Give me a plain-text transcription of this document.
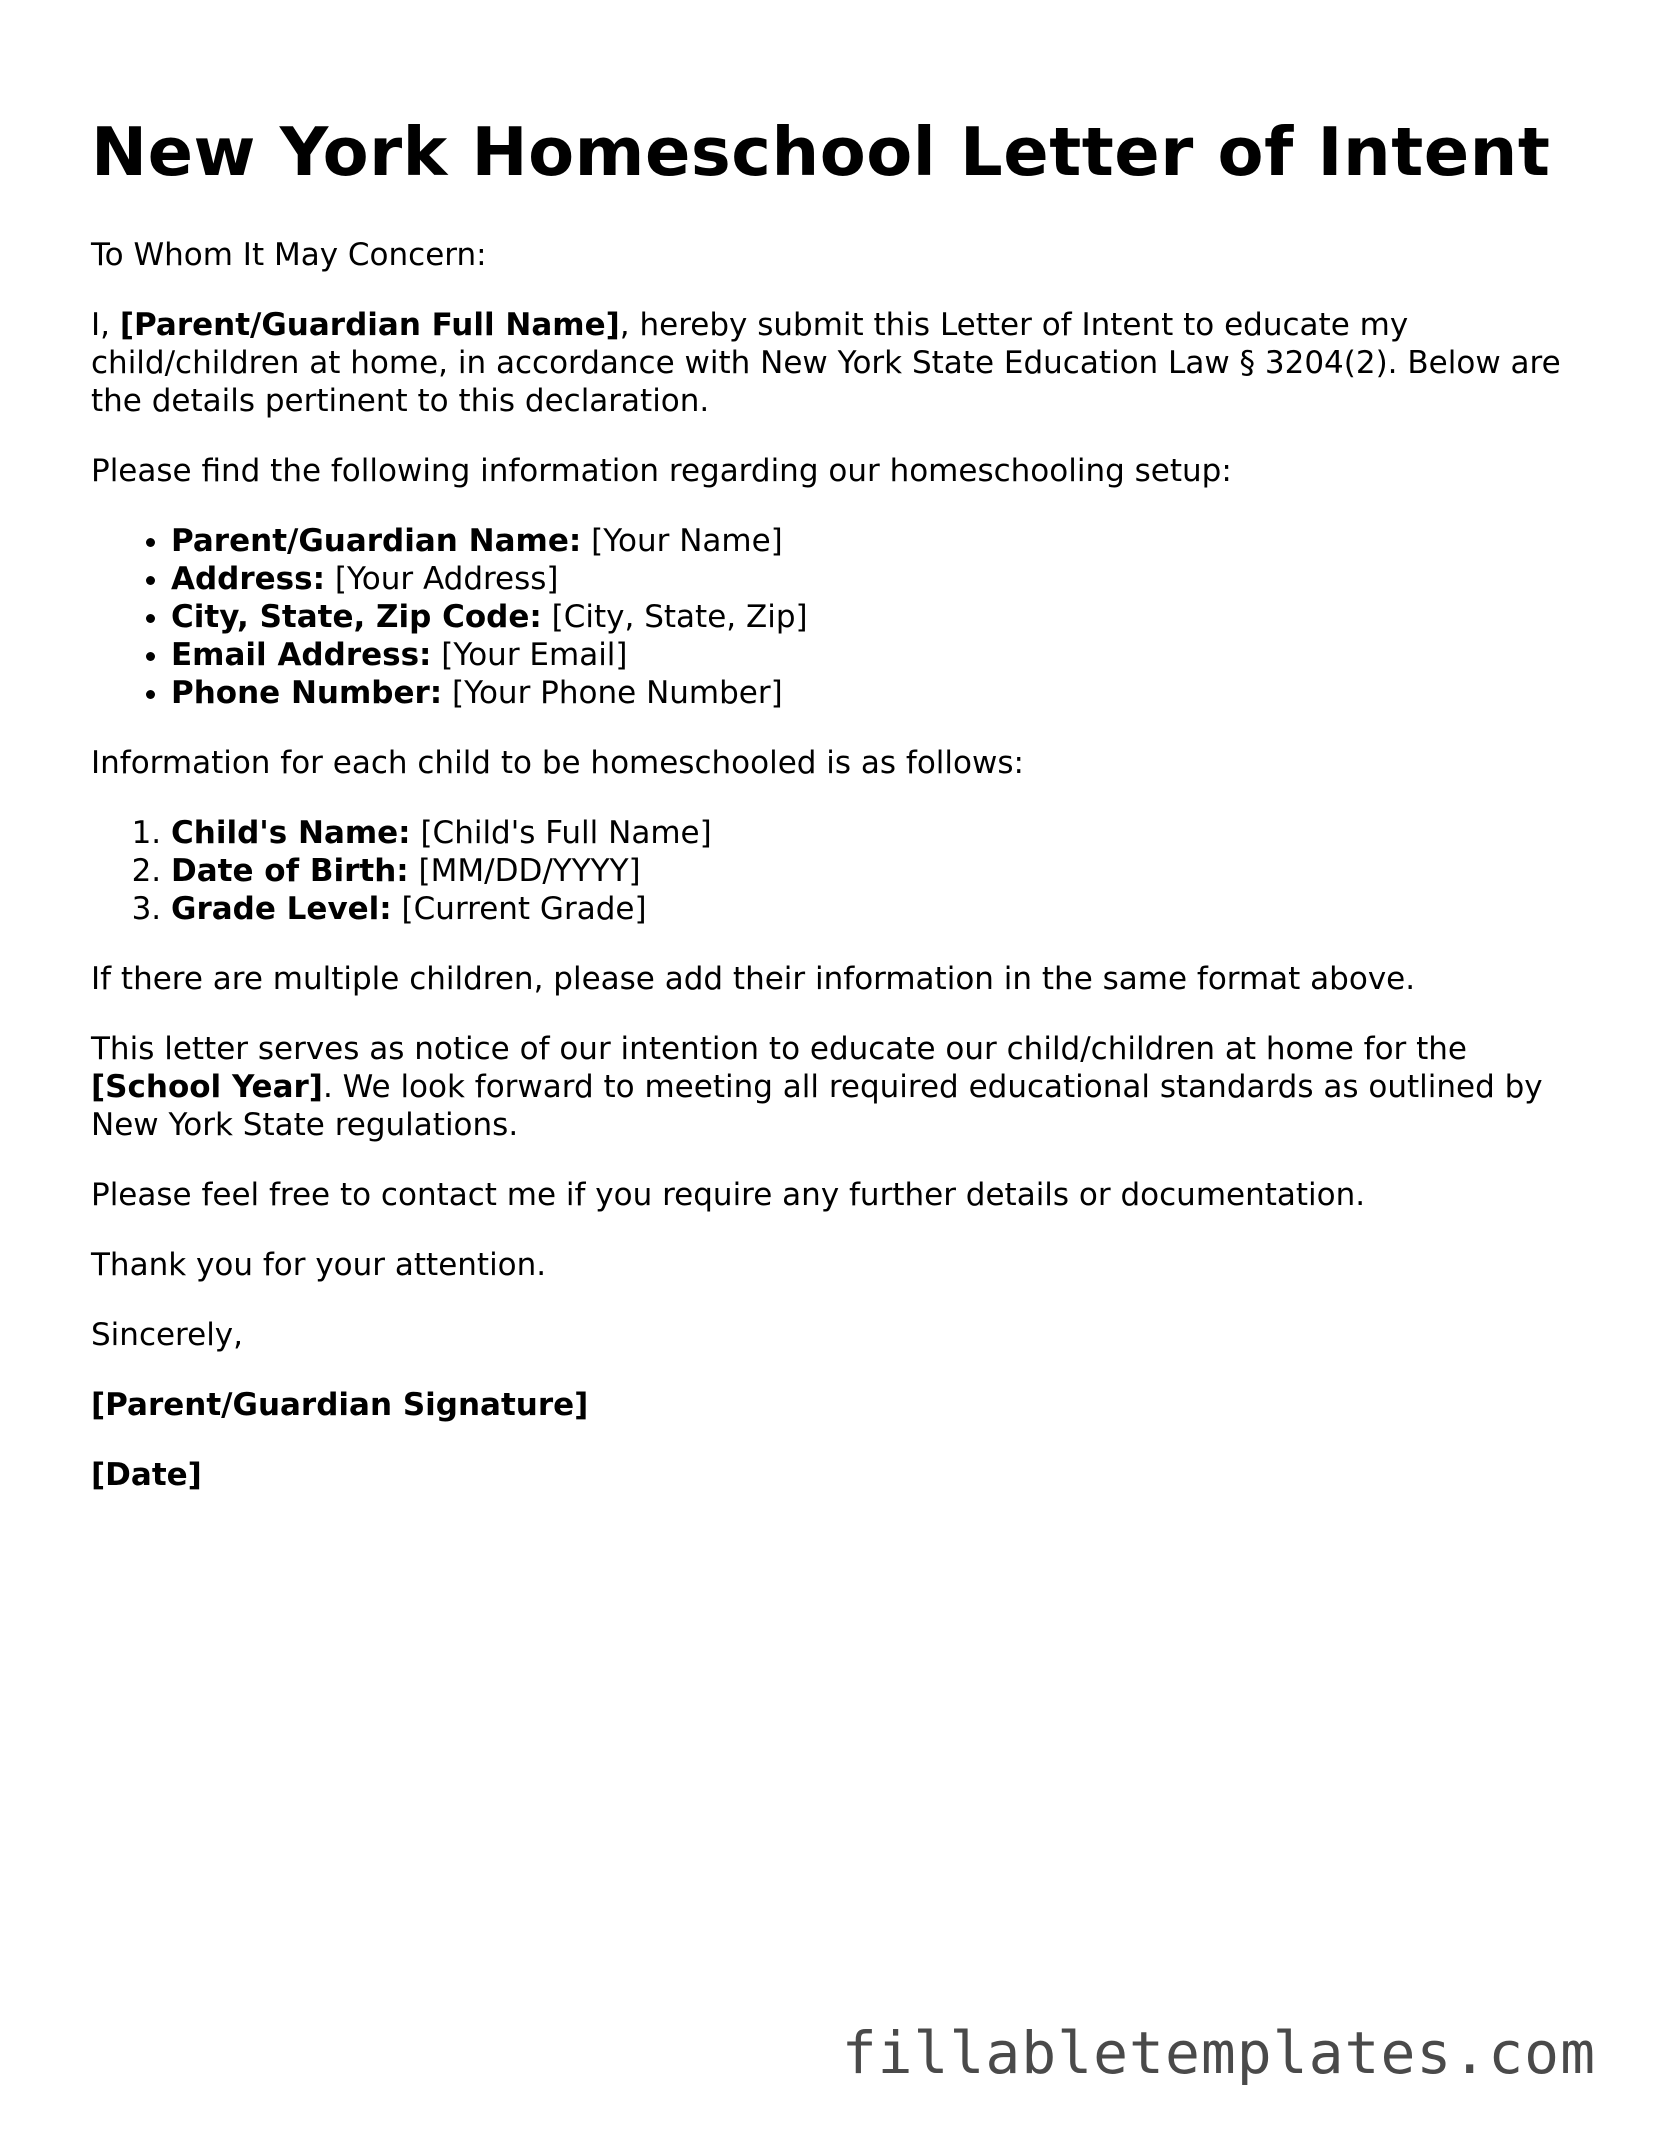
New York Homeschool Letter of Intent

To Whom It May Concern:

I, [Parent/Guardian Full Name], hereby submit this Letter of Intent to educate my child/children at home, in accordance with New York State Education Law § 3204(2). Below are the details pertinent to this declaration.

Please find the following information regarding our homeschooling setup:

• Parent/Guardian Name: [Your Name]
• Address: [Your Address]
• City, State, Zip Code: [City, State, Zip]
• Email Address: [Your Email]
• Phone Number: [Your Phone Number]

Information for each child to be homeschooled is as follows:

1. Child's Name: [Child's Full Name]
2. Date of Birth: [MM/DD/YYYY]
3. Grade Level: [Current Grade]

If there are multiple children, please add their information in the same format above.

This letter serves as notice of our intention to educate our child/children at home for the [School Year]. We look forward to meeting all required educational standards as outlined by New York State regulations.

Please feel free to contact me if you require any further details or documentation.

Thank you for your attention.

Sincerely,

[Parent/Guardian Signature]

[Date]

fillabletemplates.com
